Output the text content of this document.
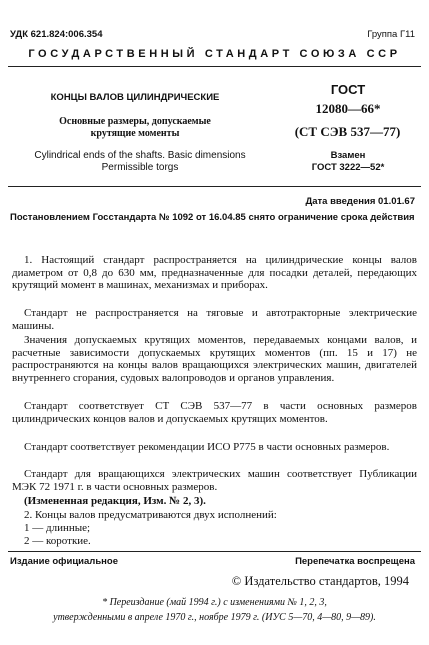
УДК 621.824:006.354	Группа Г11
ГОСУДАРСТВЕННЫЙ СТАНДАРТ СОЮЗА ССР
КОНЦЫ ВАЛОВ ЦИЛИНДРИЧЕСКИЕ
Основные размеры, допускаемые
крутящие моменты
Cylindrical ends of the shafts. Basic dimensions
Permissible torgs
ГОСТ
12080—66*
(СТ СЭВ 537—77)
Взамен
ГОСТ 3222—52*
Дата введения 01.01.67
Постановлением Госстандарта № 1092 от 16.04.85 снято ограничение срока действия
1. Настоящий стандарт распространяется на цилиндрические концы валов диаметром от 0,8 до 630 мм, предназначенные для посадки деталей, передающих крутящий момент в машинах, механизмах и приборах.
Стандарт не распространяется на тяговые и автотракторные электрические машины.
Значения допускаемых крутящих моментов, передаваемых концами валов, и расчетные зависимости допускаемых крутящих моментов (пп. 15 и 17) не распространяются на концы валов вращающихся электрических машин, двигателей внутреннего сгорания, судовых валопроводов и органов управления.
Стандарт соответствует СТ СЭВ 537—77 в части основных размеров цилиндрических концов валов и допускаемых крутящих моментов.
Стандарт соответствует рекомендации ИСО Р775 в части основных размеров.
Стандарт для вращающихся электрических машин соответствует Публикации МЭК 72 1971 г. в части основных размеров.
(Измененная редакция, Изм. № 2, 3).
2. Концы валов предусматриваются двух исполнений:
1 — длинные;
2 — короткие.
Издание официальное	Перепечатка воспрещена
© Издательство стандартов, 1994
* Переиздание (май 1994 г.) с изменениями № 1, 2, 3,
утвержденными в апреле 1970 г., ноябре 1979 г. (ИУС 5—70, 4—80, 9—89).
